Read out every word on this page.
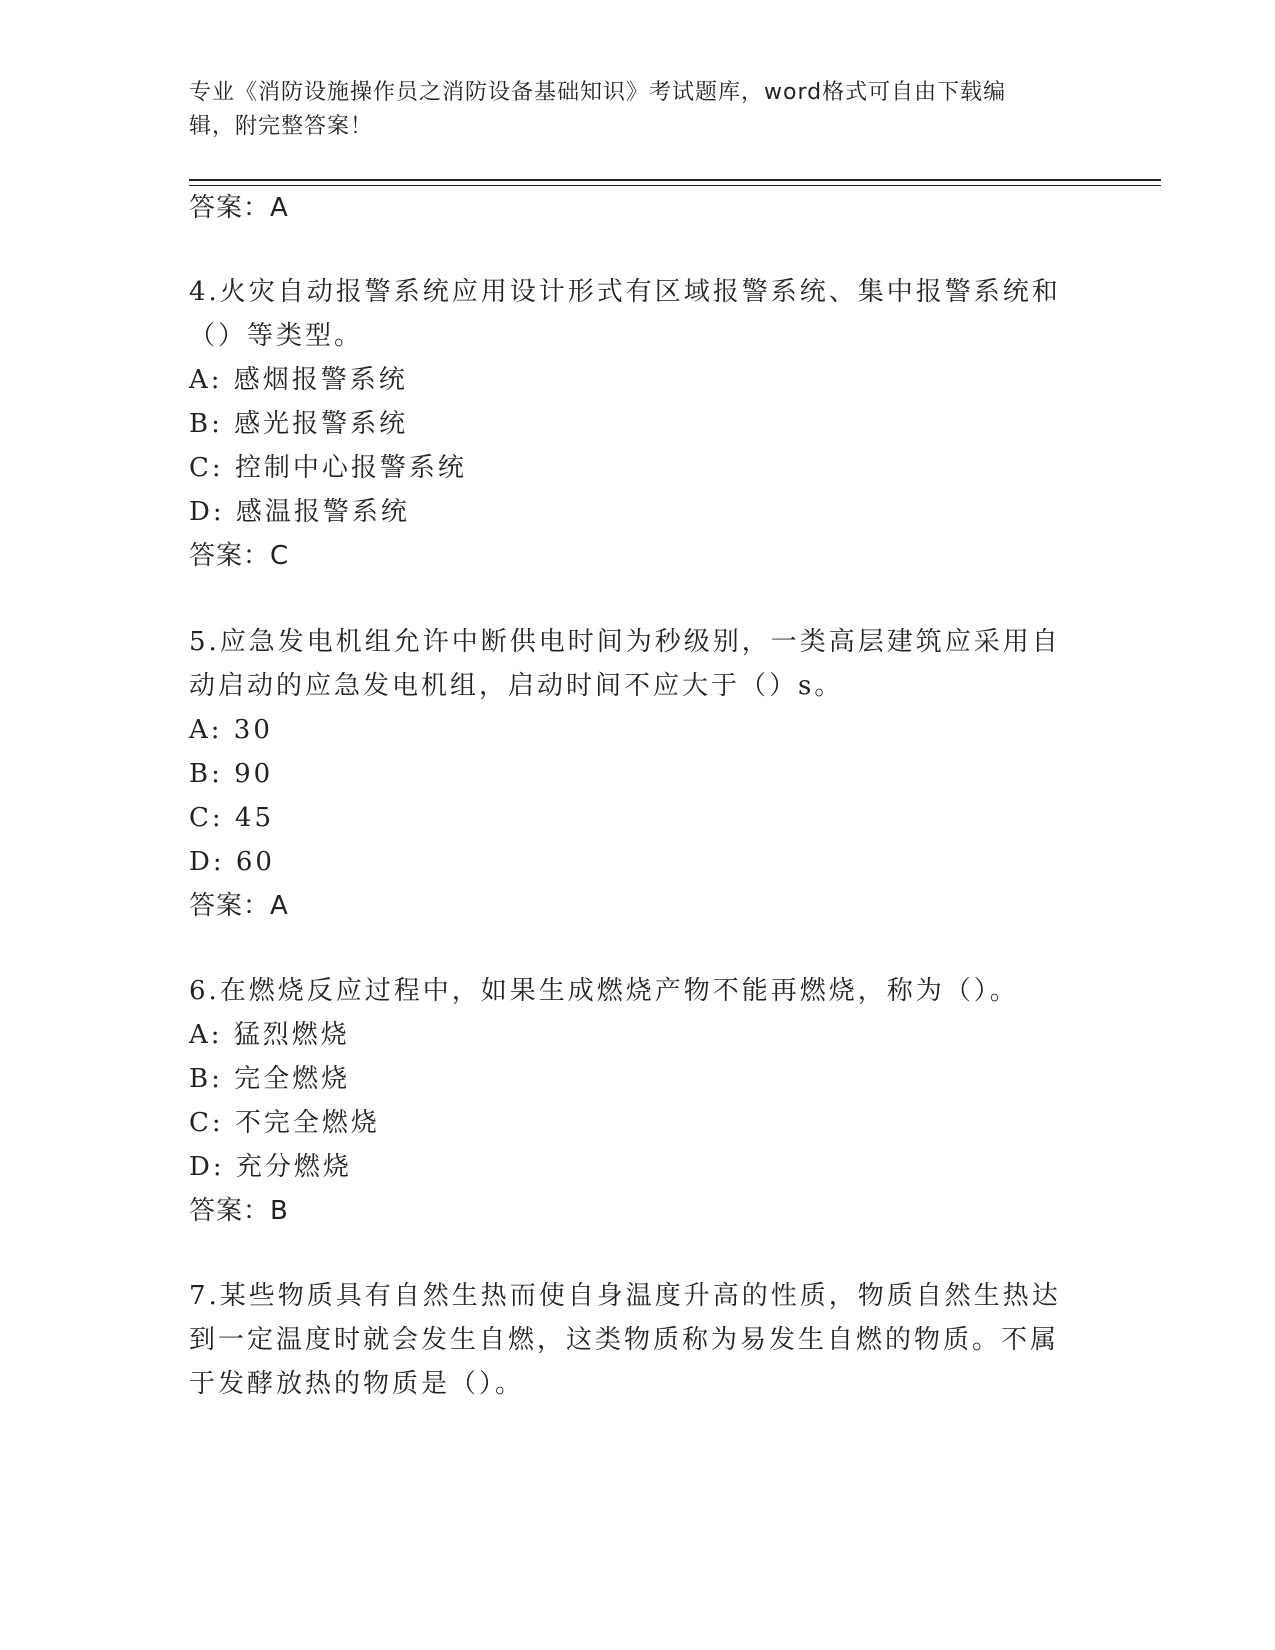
专业《消防设施操作员之消防设备基础知识》考试题库，word格式可自由下载编
辑，附完整答案！
答案：A
4.火灾自动报警系统应用设计形式有区域报警系统、集中报警系统和
（）等类型。
A: 感烟报警系统
B: 感光报警系统
C: 控制中心报警系统
D: 感温报警系统
答案：C
5.应急发电机组允许中断供电时间为秒级别，一类高层建筑应采用自
动启动的应急发电机组，启动时间不应大于（）s。
A: 30
B: 90
C: 45
D: 60
答案：A
6.在燃烧反应过程中，如果生成燃烧产物不能再燃烧，称为（）。
A: 猛烈燃烧
B: 完全燃烧
C: 不完全燃烧
D: 充分燃烧
答案：B
7.某些物质具有自然生热而使自身温度升高的性质，物质自然生热达
到一定温度时就会发生自燃，这类物质称为易发生自燃的物质。不属
于发酵放热的物质是（）。
